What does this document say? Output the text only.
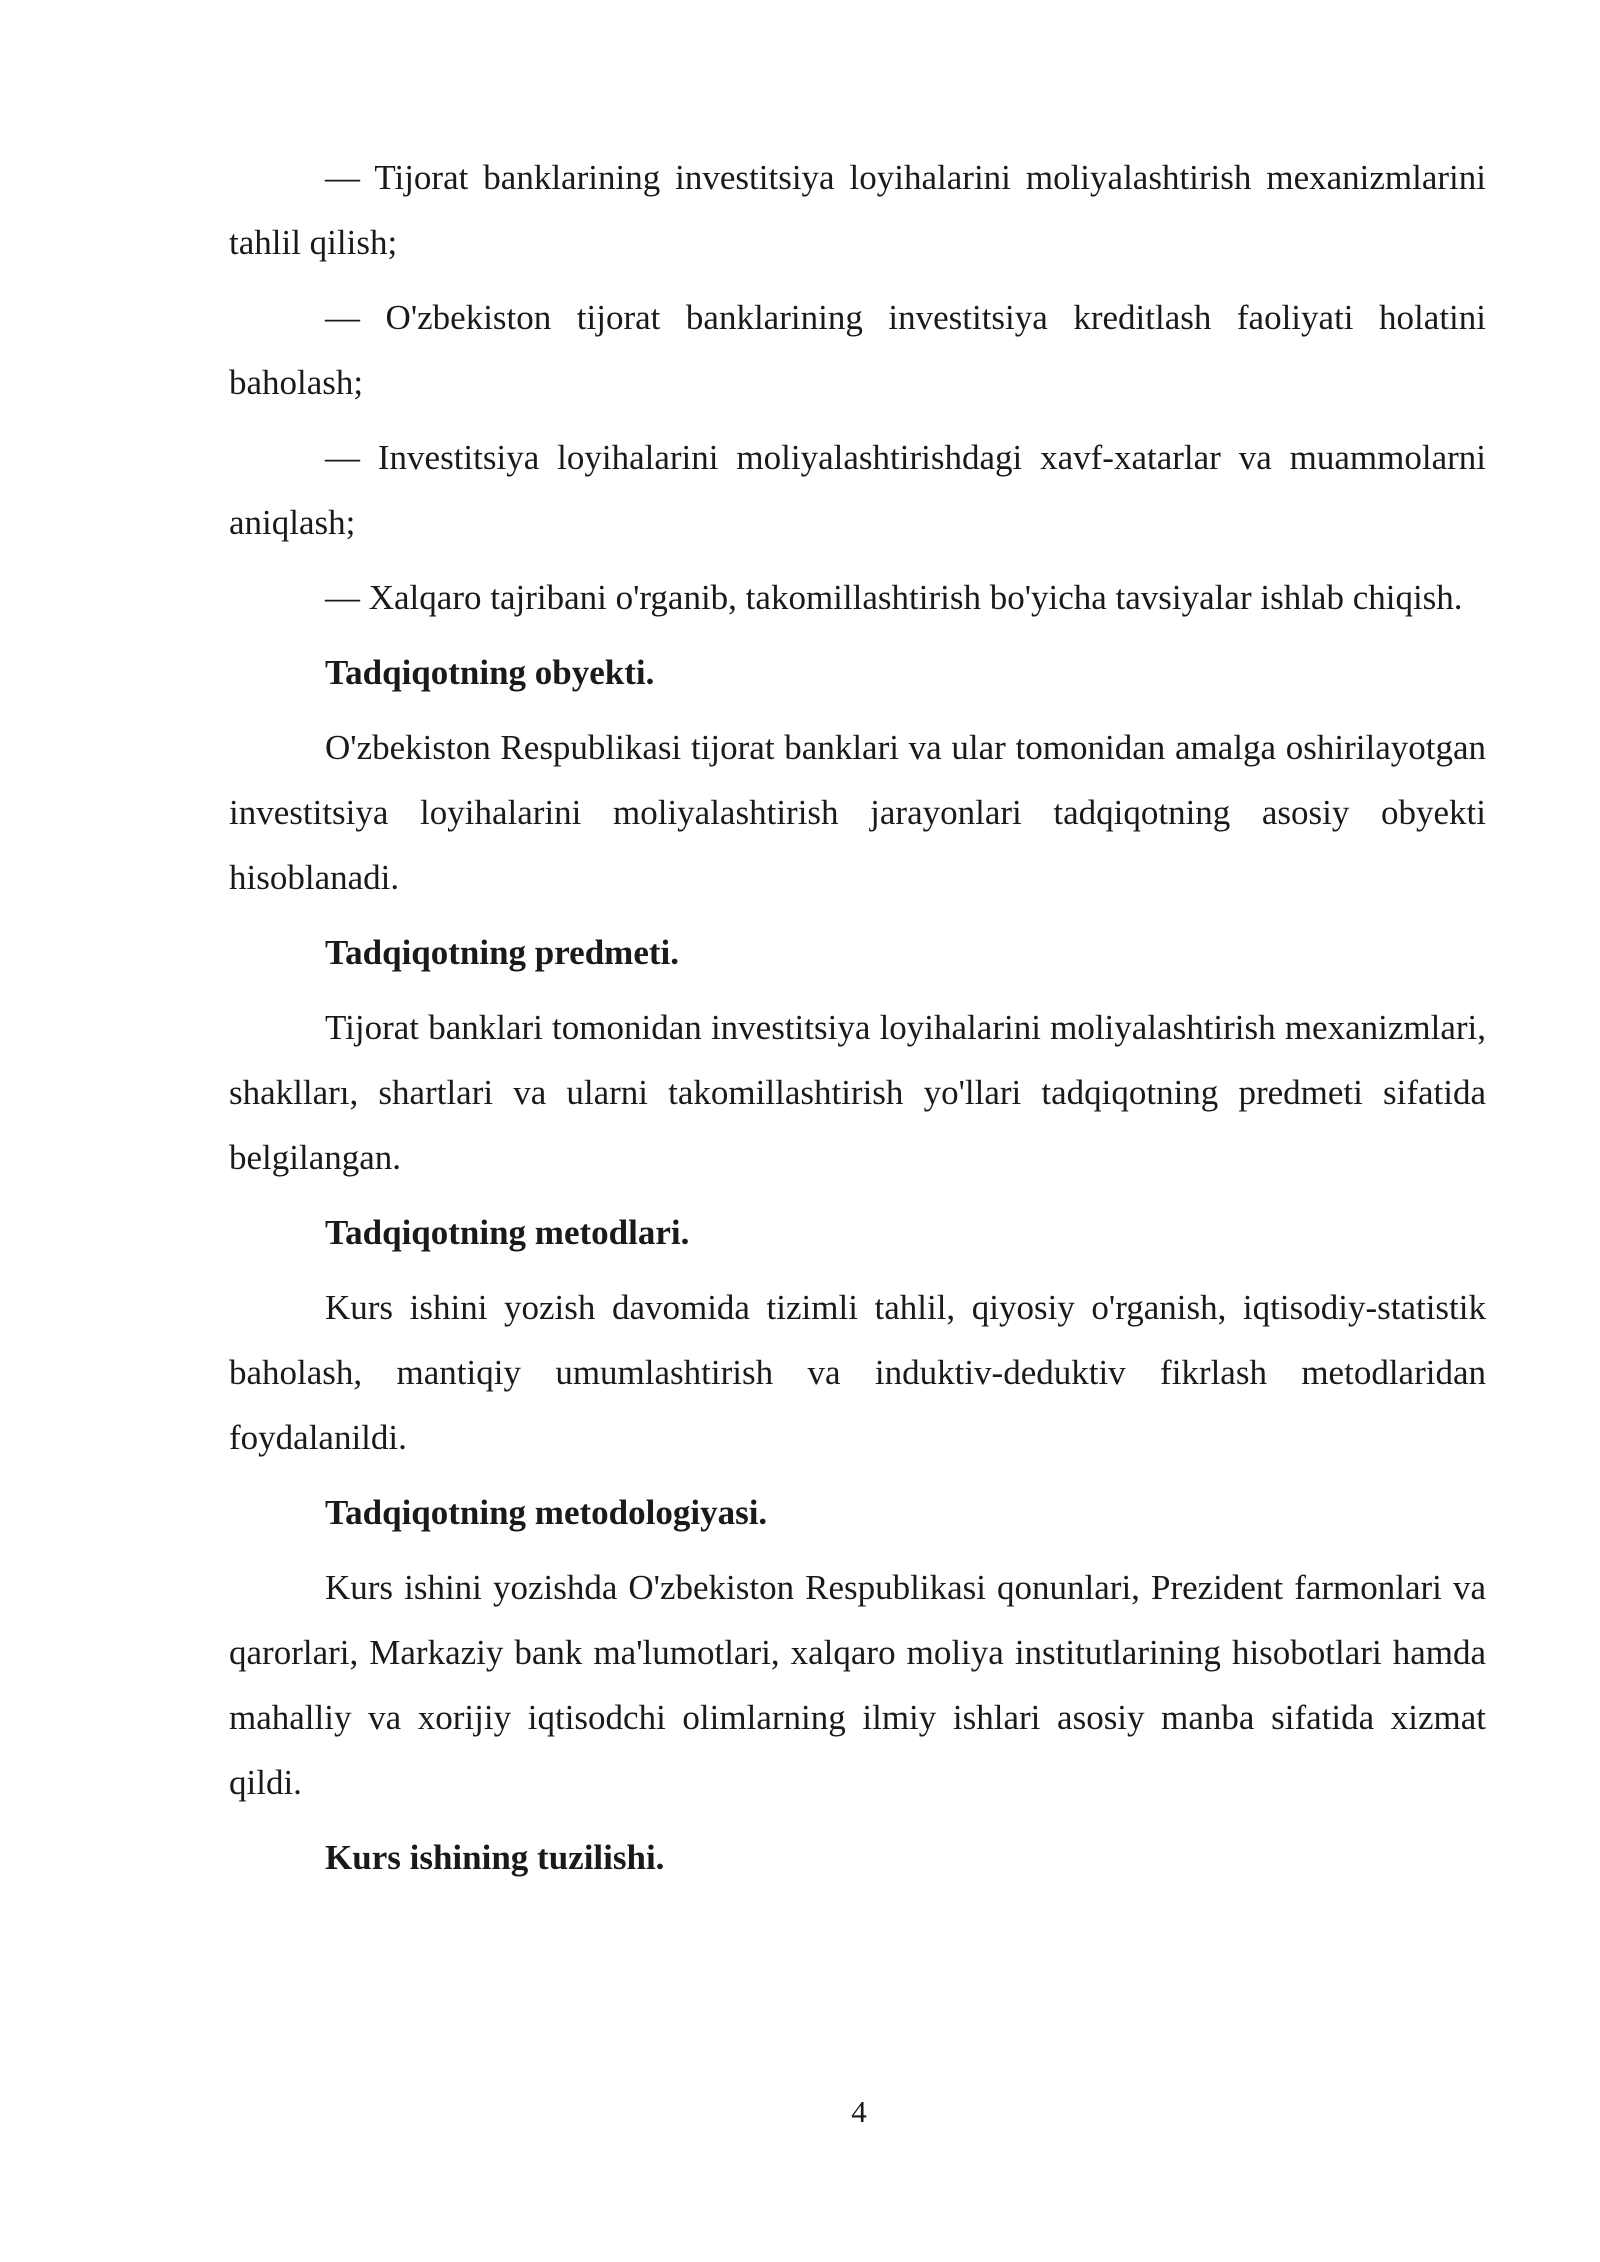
— Tijorat banklarining investitsiya loyihalarini moliyalashtirish mexanizmlarini tahlil qilish;

— O'zbekiston tijorat banklarining investitsiya kreditlash faoliyati holatini baholash;

— Investitsiya loyihalarini moliyalashtirishdagi xavf-xatarlar va muammolarni aniqlash;

— Xalqaro tajribani o'rganib, takomillashtirish bo'yicha tavsiyalar ishlab chiqish.

Tadqiqotning obyekti.

O'zbekiston Respublikasi tijorat banklari va ular tomonidan amalga oshirilayotgan investitsiya loyihalarini moliyalashtirish jarayonlari tadqiqotning asosiy obyekti hisoblanadi.

Tadqiqotning predmeti.

Tijorat banklari tomonidan investitsiya loyihalarini moliyalashtirish mexanizmlari, shaklları, shartlari va ularni takomillashtirish yo'llari tadqiqotning predmeti sifatida belgilangan.

Tadqiqotning metodlari.

Kurs ishini yozish davomida tizimli tahlil, qiyosiy o'rganish, iqtisodiy-statistik baholash, mantiqiy umumlashtirish va induktiv-deduktiv fikrlash metodlaridan foydalanildi.

Tadqiqotning metodologiyasi.

Kurs ishini yozishda O'zbekiston Respublikasi qonunlari, Prezident farmonlari va qarorlari, Markaziy bank ma'lumotlari, xalqaro moliya institutlarining hisobotlari hamda mahalliy va xorijiy iqtisodchi olimlarning ilmiy ishlari asosiy manba sifatida xizmat qildi.

Kurs ishining tuzilishi.

4
